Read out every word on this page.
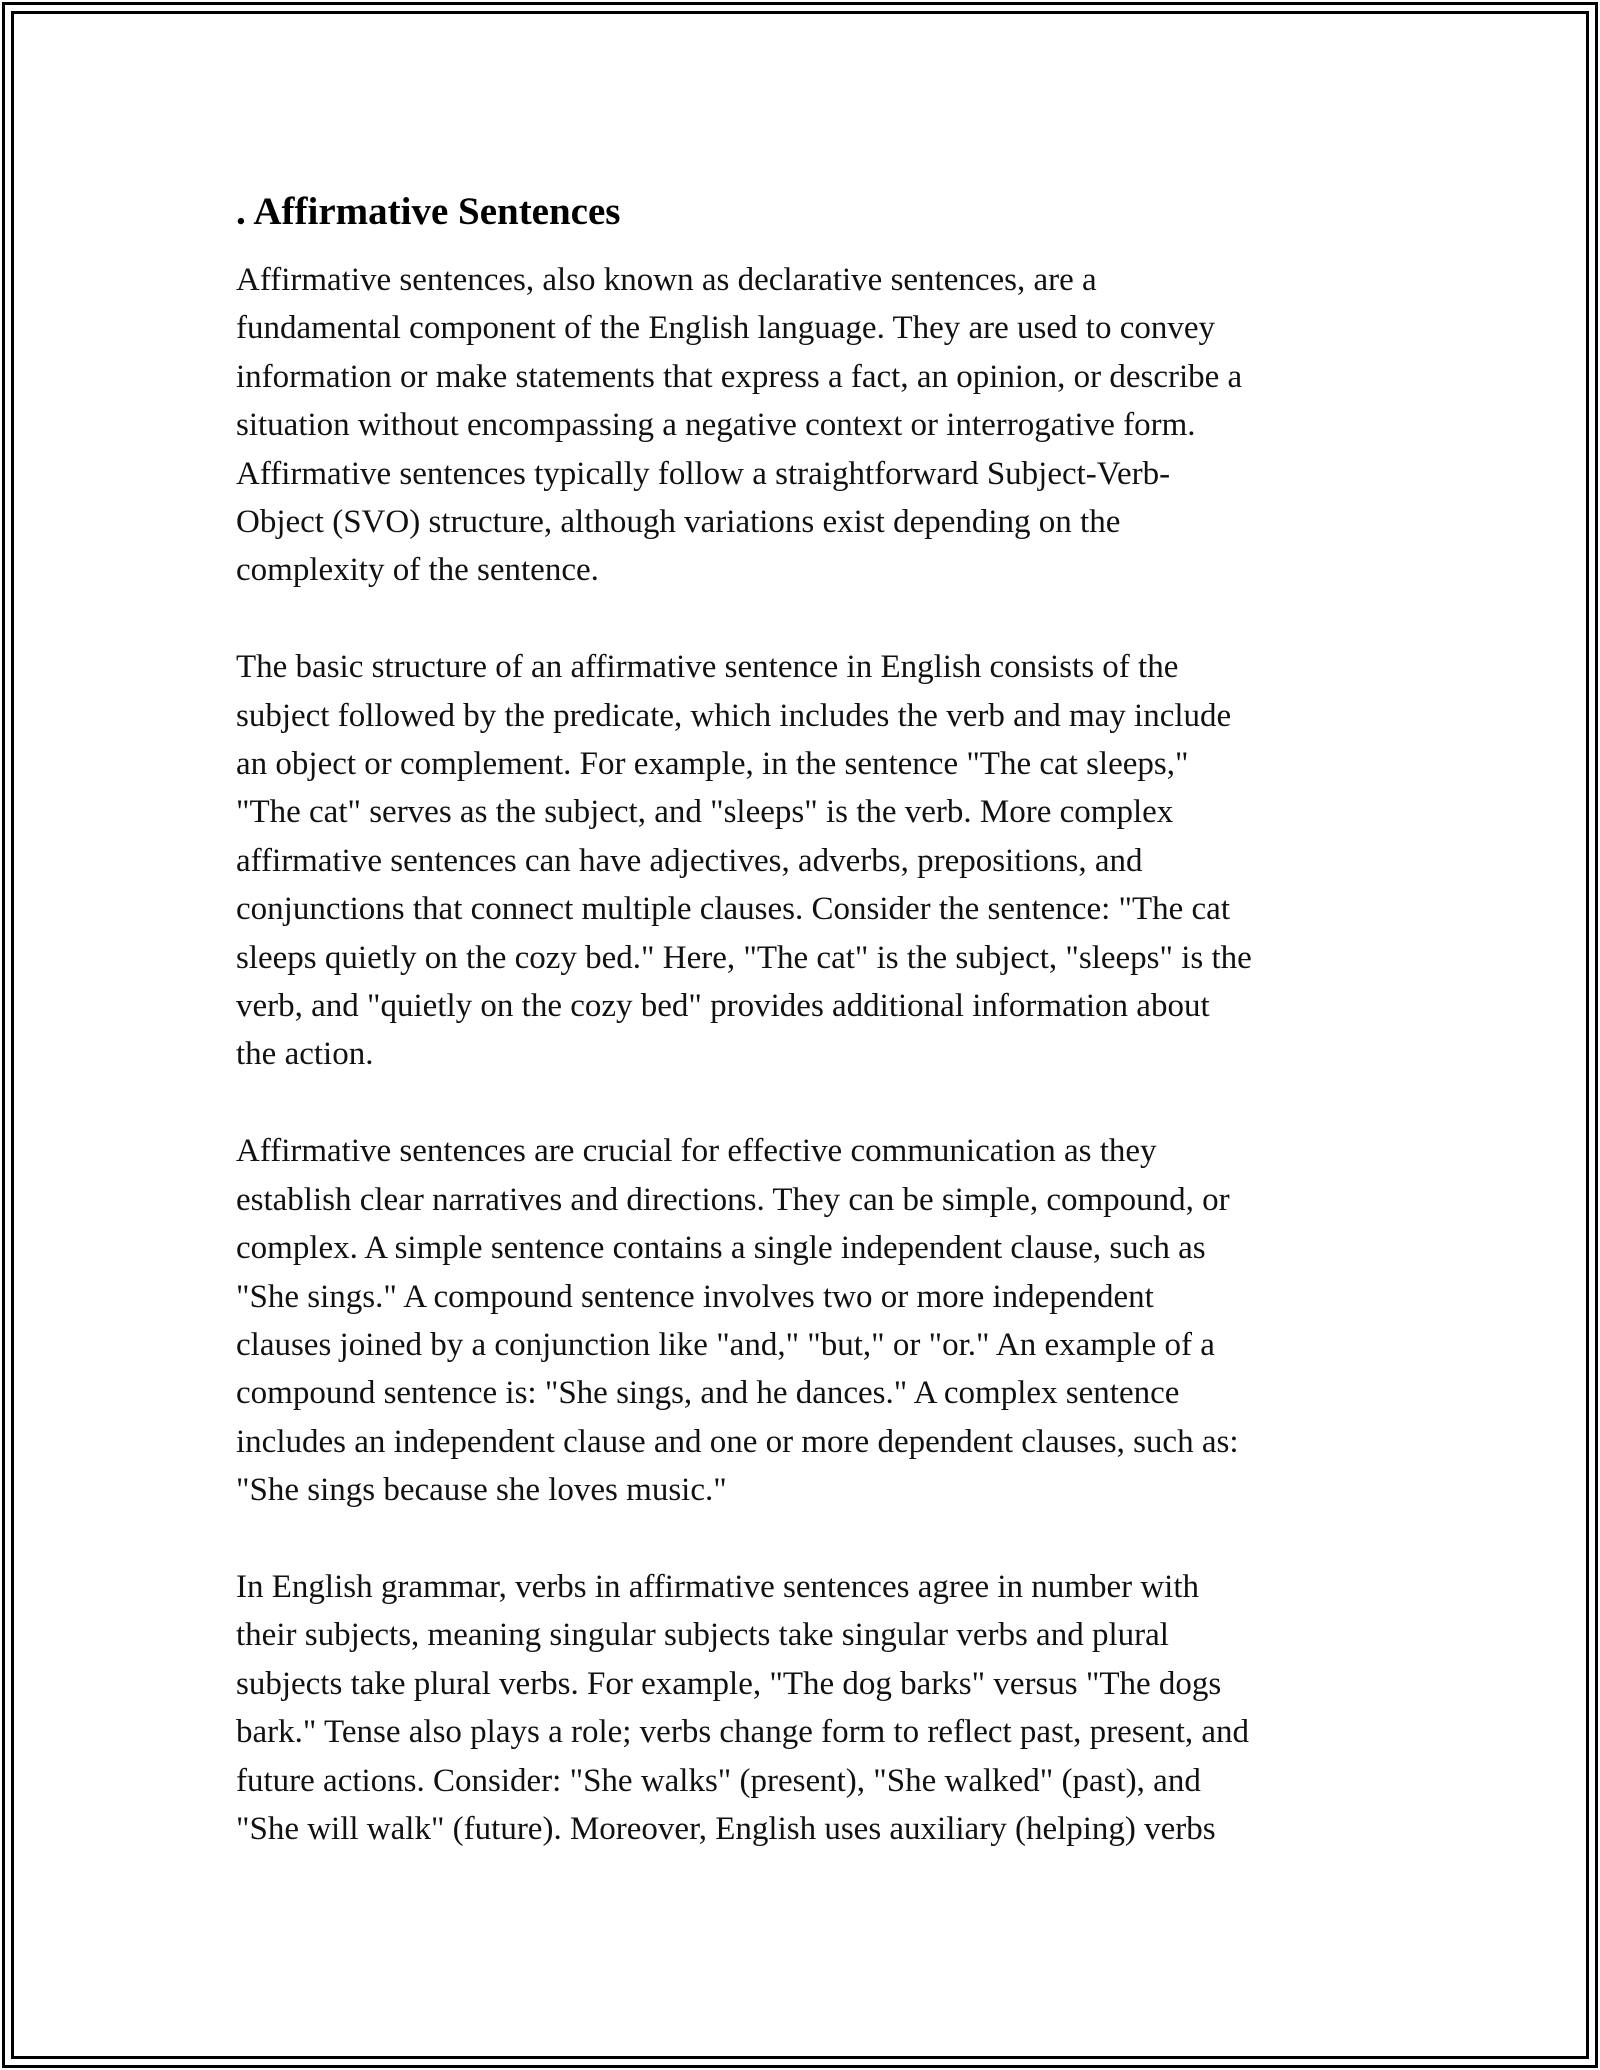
. Affirmative Sentences
Affirmative sentences, also known as declarative sentences, are a
fundamental component of the English language. They are used to convey
information or make statements that express a fact, an opinion, or describe a
situation without encompassing a negative context or interrogative form.
Affirmative sentences typically follow a straightforward Subject-Verb-
Object (SVO) structure, although variations exist depending on the
complexity of the sentence.
The basic structure of an affirmative sentence in English consists of the
subject followed by the predicate, which includes the verb and may include
an object or complement. For example, in the sentence "The cat sleeps,"
"The cat" serves as the subject, and "sleeps" is the verb. More complex
affirmative sentences can have adjectives, adverbs, prepositions, and
conjunctions that connect multiple clauses. Consider the sentence: "The cat
sleeps quietly on the cozy bed." Here, "The cat" is the subject, "sleeps" is the
verb, and "quietly on the cozy bed" provides additional information about
the action.
Affirmative sentences are crucial for effective communication as they
establish clear narratives and directions. They can be simple, compound, or
complex. A simple sentence contains a single independent clause, such as
"She sings." A compound sentence involves two or more independent
clauses joined by a conjunction like "and," "but," or "or." An example of a
compound sentence is: "She sings, and he dances." A complex sentence
includes an independent clause and one or more dependent clauses, such as:
"She sings because she loves music."
In English grammar, verbs in affirmative sentences agree in number with
their subjects, meaning singular subjects take singular verbs and plural
subjects take plural verbs. For example, "The dog barks" versus "The dogs
bark." Tense also plays a role; verbs change form to reflect past, present, and
future actions. Consider: "She walks" (present), "She walked" (past), and
"She will walk" (future). Moreover, English uses auxiliary (helping) verbs
